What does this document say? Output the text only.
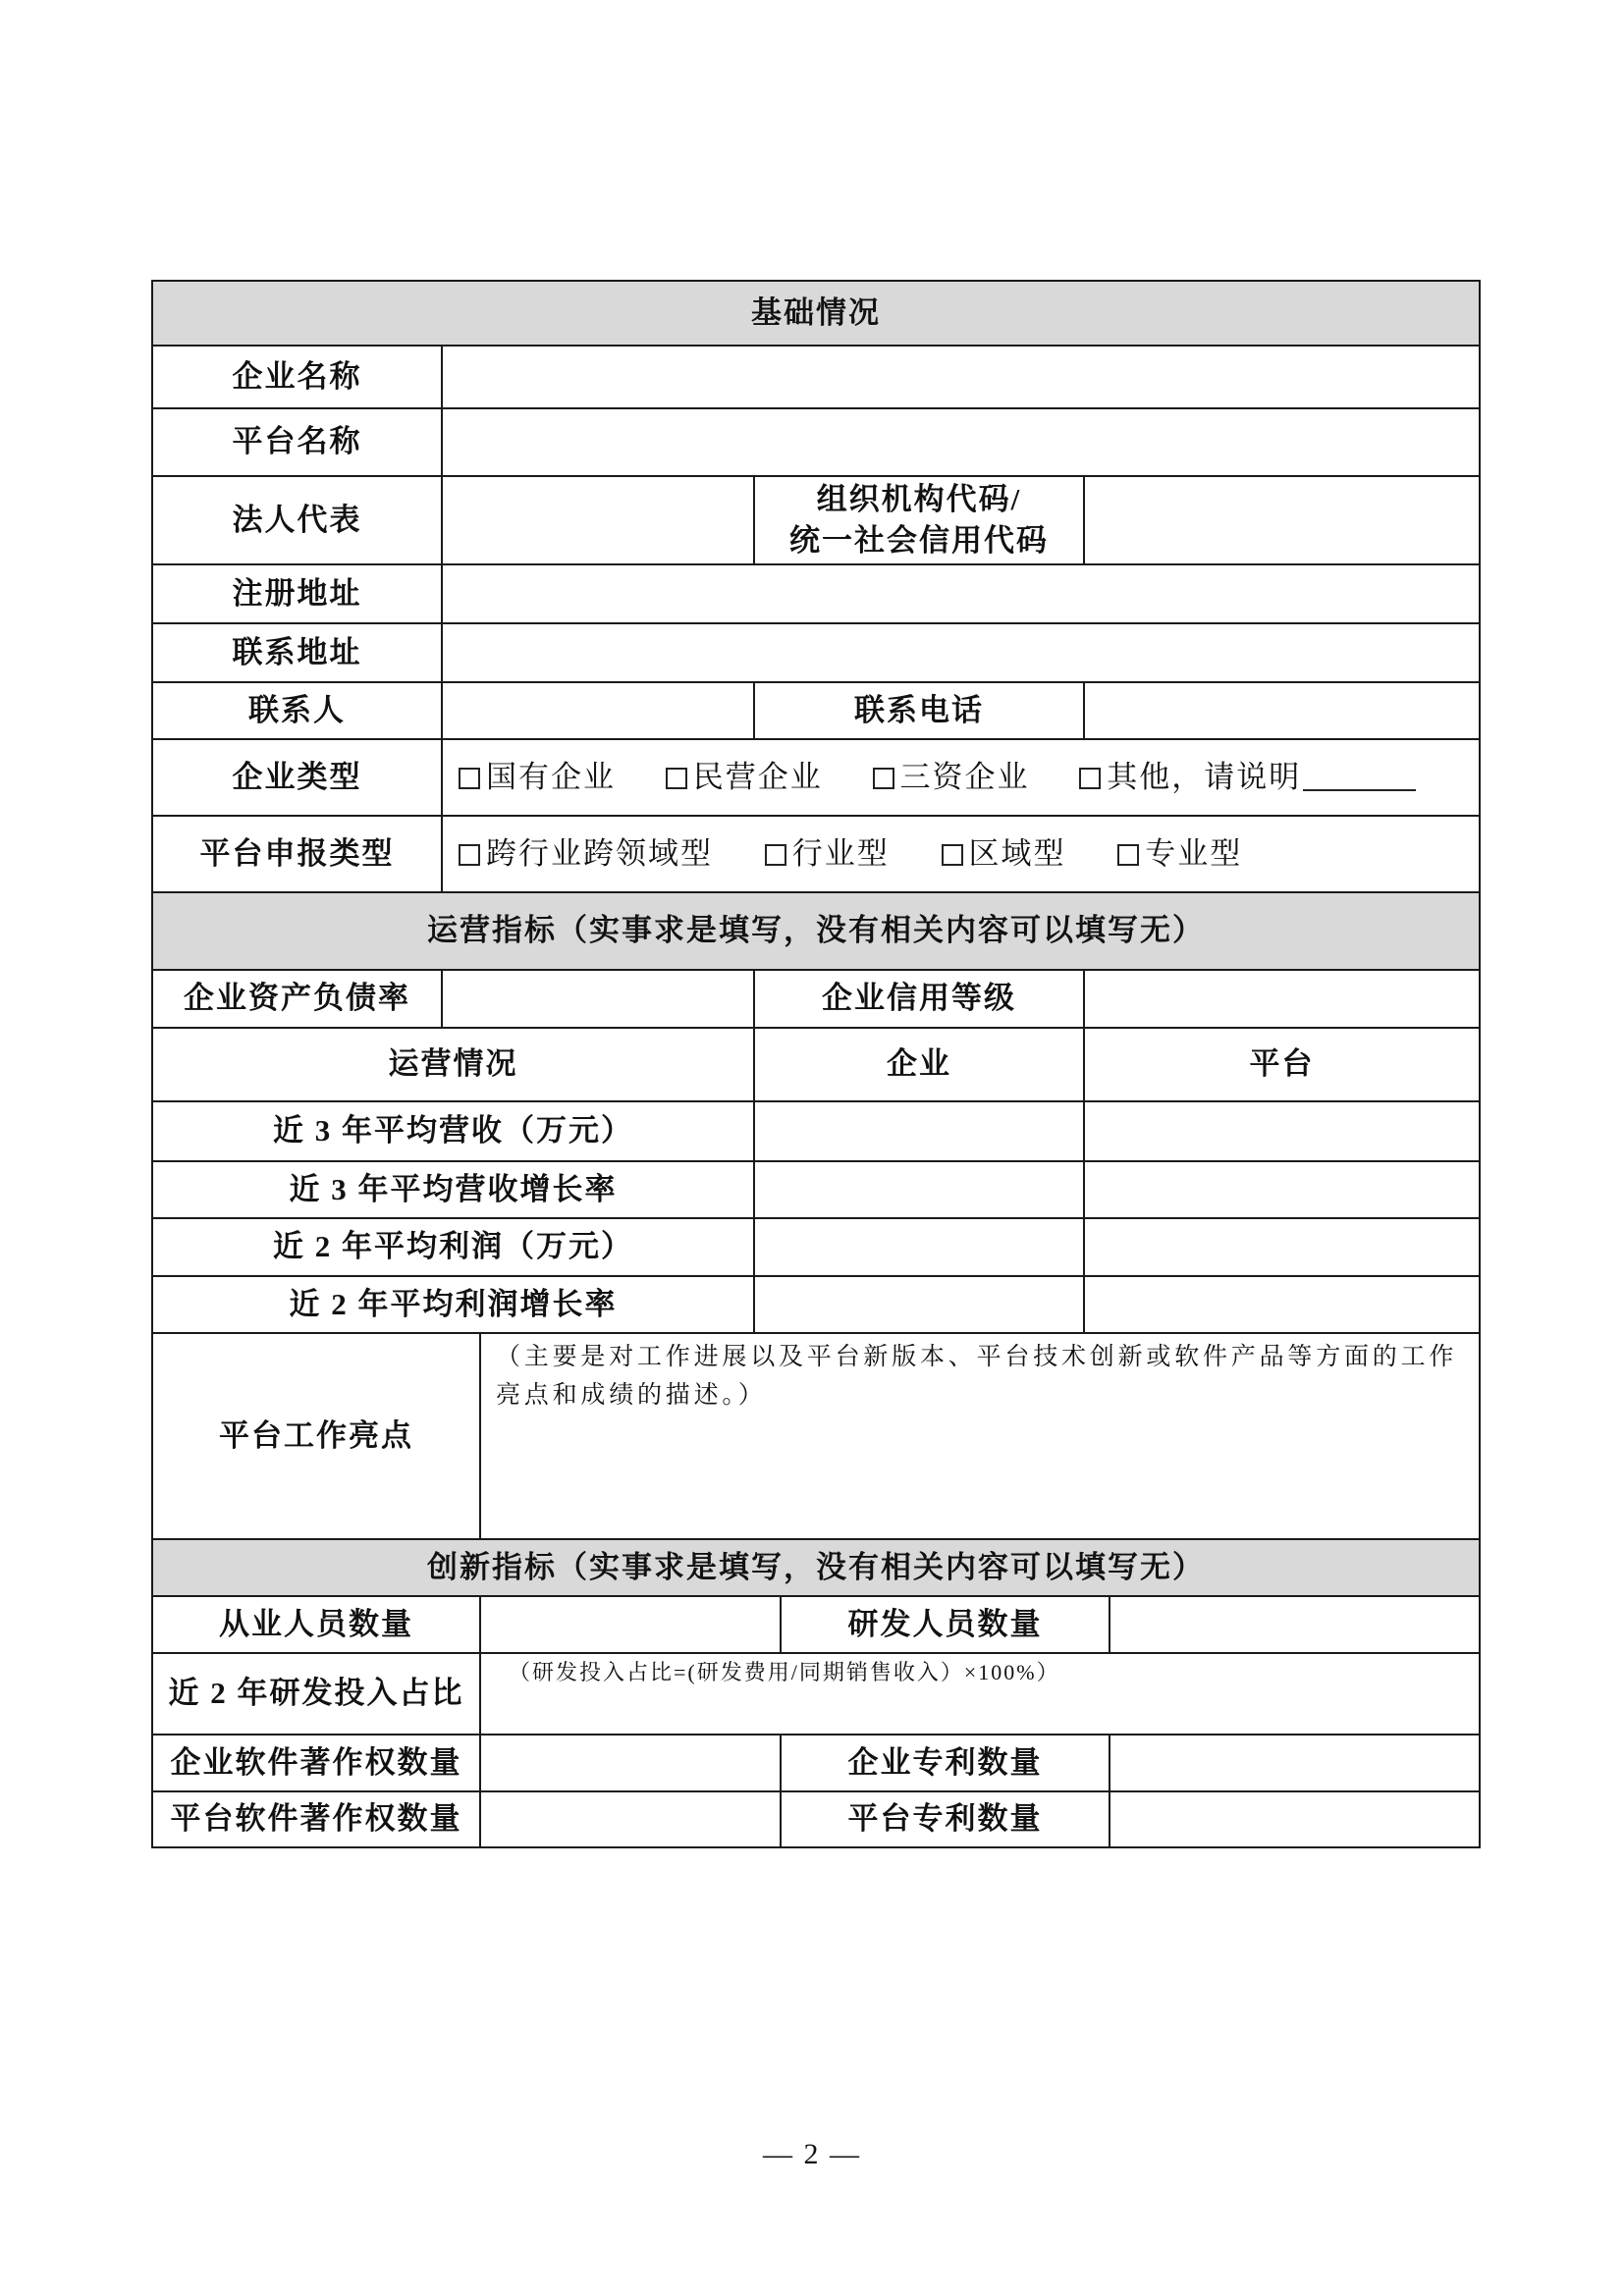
基础情况			
企业名称			
平台名称			
法人代表		组织机构代码/
统一社会信用代码	

注册地址			
联系地址			
联系人		联系电话	
企业类型	国有企业 民营企业 三资企业 其他，请说明		
平台申报类型	跨行业跨领域型 行业型 区域型 专业型		
运营指标（实事求是填写，没有相关内容可以填写无）			
企业资产负债率		企业信用等级	
运营情况		企业	平台
近 3 年平均营收（万元）			
近 3 年平均营收增长率			
近 2 年平均利润（万元）			
近 2 年平均利润增长率			
平台工作亮点	（主要是对工作进展以及平台新版本、平台技术创新或软件产品等方面的工作亮点和成绩的描述。）		

创新指标（实事求是填写，没有相关内容可以填写无）			
从业人员数量		研发人员数量	
近 2 年研发投入占比	（研发投入占比=(研发费用/同期销售收入）×100%）		

企业软件著作权数量		企业专利数量	
平台软件著作权数量		平台专利数量	
— 2 —
